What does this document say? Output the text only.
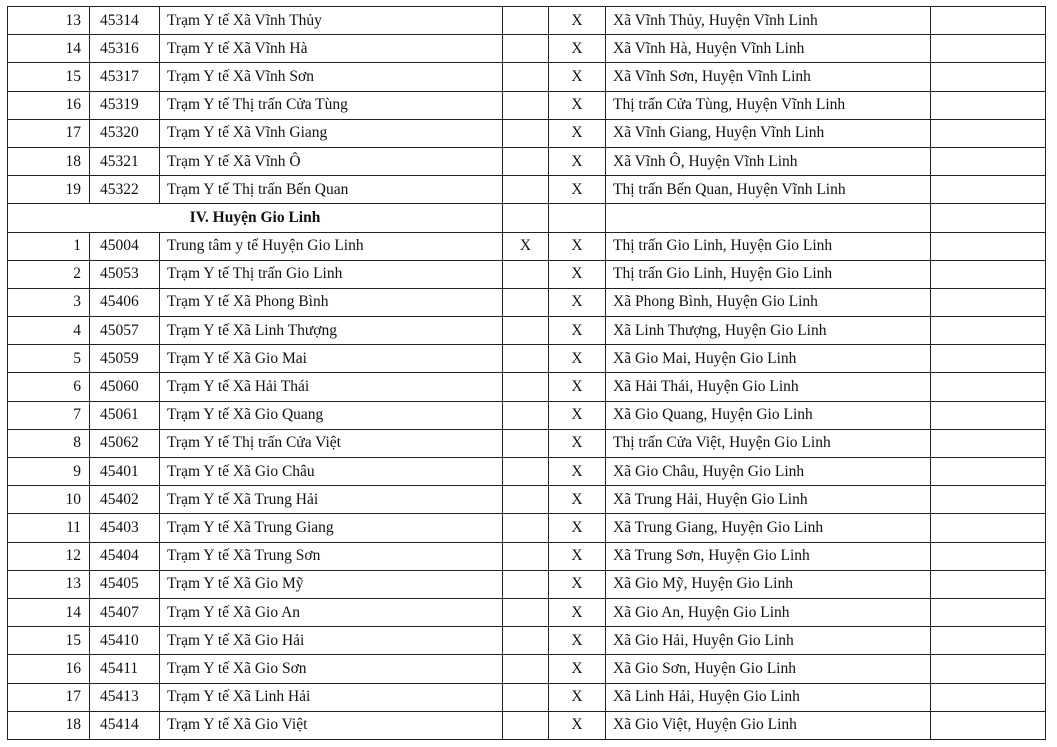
13	45314	Trạm Y tế Xã Vĩnh Thủy		X	Xã Vĩnh Thủy, Huyện Vĩnh Linh	
14	45316	Trạm Y tế Xã Vĩnh Hà		X	Xã Vĩnh Hà, Huyện Vĩnh Linh	
15	45317	Trạm Y tế Xã Vĩnh Sơn		X	Xã Vĩnh Sơn, Huyện Vĩnh Linh	
16	45319	Trạm Y tế Thị trấn Cửa Tùng		X	Thị trấn Cửa Tùng, Huyện Vĩnh Linh	
17	45320	Trạm Y tế Xã Vĩnh Giang		X	Xã Vĩnh Giang, Huyện Vĩnh Linh	
18	45321	Trạm Y tế Xã Vĩnh Ô		X	Xã Vĩnh Ô, Huyện Vĩnh Linh	
19	45322	Trạm Y tế Thị trấn Bến Quan		X	Thị trấn Bến Quan, Huyện Vĩnh Linh	
IV. Huyện Gio Linh						
1	45004	Trung tâm y tế Huyện Gio Linh	X	X	Thị trấn Gio Linh, Huyện Gio Linh	
2	45053	Trạm Y tế Thị trấn Gio Linh		X	Thị trấn Gio Linh, Huyện Gio Linh	
3	45406	Trạm Y tế Xã Phong Bình		X	Xã Phong Bình, Huyện Gio Linh	
4	45057	Trạm Y tế Xã Linh Thượng		X	Xã Linh Thượng, Huyện Gio Linh	
5	45059	Trạm Y tế Xã Gio Mai		X	Xã Gio Mai, Huyện Gio Linh	
6	45060	Trạm Y tế Xã Hải Thái		X	Xã Hải Thái, Huyện Gio Linh	
7	45061	Trạm Y tế Xã Gio Quang		X	Xã Gio Quang, Huyện Gio Linh	
8	45062	Trạm Y tế Thị trấn Cửa Việt		X	Thị trấn Cửa Việt, Huyện Gio Linh	
9	45401	Trạm Y tế Xã Gio Châu		X	Xã Gio Châu, Huyện Gio Linh	
10	45402	Trạm Y tế Xã Trung Hải		X	Xã Trung Hải, Huyện Gio Linh	
11	45403	Trạm Y tế Xã Trung Giang		X	Xã Trung Giang, Huyện Gio Linh	
12	45404	Trạm Y tế Xã Trung Sơn		X	Xã Trung Sơn, Huyện Gio Linh	
13	45405	Trạm Y tế Xã Gio Mỹ		X	Xã Gio Mỹ, Huyện Gio Linh	
14	45407	Trạm Y tế Xã Gio An		X	Xã Gio An, Huyện Gio Linh	
15	45410	Trạm Y tế Xã Gio Hải		X	Xã Gio Hải, Huyện Gio Linh	
16	45411	Trạm Y tế Xã Gio Sơn		X	Xã Gio Sơn, Huyện Gio Linh	
17	45413	Trạm Y tế Xã Linh Hải		X	Xã Linh Hải, Huyện Gio Linh	
18	45414	Trạm Y tế Xã Gio Việt		X	Xã Gio Việt, Huyện Gio Linh	
